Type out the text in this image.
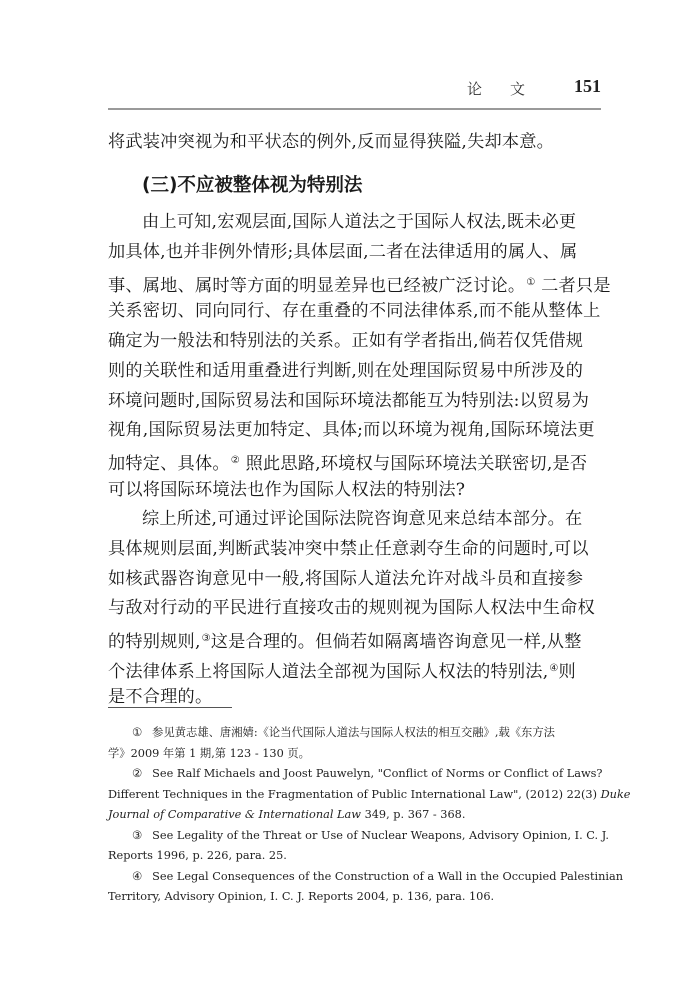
论文 151
将武装冲突视为和平状态的例外,反而显得狭隘,失却本意。
(三)不应被整体视为特别法
由上可知,宏观层面,国际人道法之于国际人权法,既未必更
加具体,也并非例外情形;具体层面,二者在法律适用的属人、属
事、属地、属时等方面的明显差异也已经被广泛讨论。① 二者只是
关系密切、同向同行、存在重叠的不同法律体系,而不能从整体上
确定为一般法和特别法的关系。正如有学者指出,倘若仅凭借规
则的关联性和适用重叠进行判断,则在处理国际贸易中所涉及的
环境问题时,国际贸易法和国际环境法都能互为特别法:以贸易为
视角,国际贸易法更加特定、具体;而以环境为视角,国际环境法更
加特定、具体。② 照此思路,环境权与国际环境法关联密切,是否
可以将国际环境法也作为国际人权法的特别法?
综上所述,可通过评论国际法院咨询意见来总结本部分。在
具体规则层面,判断武装冲突中禁止任意剥夺生命的问题时,可以
如核武器咨询意见中一般,将国际人道法允许对战斗员和直接参
与敌对行动的平民进行直接攻击的规则视为国际人权法中生命权
的特别规则,③这是合理的。但倘若如隔离墙咨询意见一样,从整
个法律体系上将国际人道法全部视为国际人权法的特别法,④则
是不合理的。
① 参见黄志雄、唐湘婧:《论当代国际人道法与国际人权法的相互交融》,载《东方法
学》2009 年第 1 期,第 123 - 130 页。
② See Ralf Michaels and Joost Pauwelyn, "Conflict of Norms or Conflict of Laws?
Different Techniques in the Fragmentation of Public International Law", (2012) 22(3) Duke
Journal of Comparative & International Law 349, p. 367 - 368.
③ See Legality of the Threat or Use of Nuclear Weapons, Advisory Opinion, I. C. J.
Reports 1996, p. 226, para. 25.
④ See Legal Consequences of the Construction of a Wall in the Occupied Palestinian
Territory, Advisory Opinion, I. C. J. Reports 2004, p. 136, para. 106.
